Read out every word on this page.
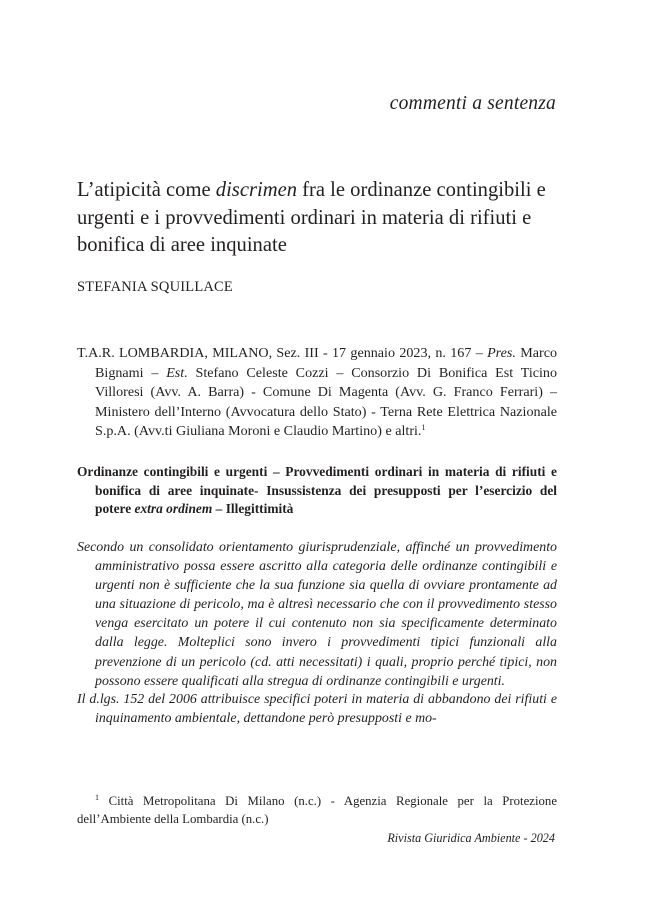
commenti a sentenza
L’atipicità come discrimen fra le ordinanze contingibili e urgenti e i provvedimenti ordinari in materia di rifiuti e bonifica di aree inquinate
STEFANIA SQUILLACE
T.A.R. LOMBARDIA, MILANO, Sez. III - 17 gennaio 2023, n. 167 – Pres. Marco Bignami – Est. Stefano Celeste Cozzi – Consorzio Di Bonifica Est Ticino Villoresi (Avv. A. Barra) - Comune Di Magenta (Avv. G. Franco Ferrari) – Ministero dell’Interno (Avvocatura dello Stato) - Terna Rete Elettrica Nazionale S.p.A. (Avv.ti Giuliana Moroni e Claudio Martino) e altri.$^1$
Ordinanze contingibili e urgenti – Provvedimenti ordinari in materia di rifiuti e bonifica di aree inquinate- Insussistenza dei presupposti per l’esercizio del potere extra ordinem – Illegittimità

Secondo un consolidato orientamento giurisprudenziale, affinché un provvedimento amministrativo possa essere ascritto alla categoria delle ordinanze contingibili e urgenti non è sufficiente che la sua funzione sia quella di ovviare prontamente ad una situazione di pericolo, ma è altresì necessario che con il provvedimento stesso venga esercitato un potere il cui contenuto non sia specificamente determinato dalla legge. Molteplici sono invero i provvedimenti tipici funzionali alla prevenzione di un pericolo (cd. atti necessitati) i quali, proprio perché tipici, non possono essere qualificati alla stregua di ordinanze contingibili e urgenti.

Il d.lgs. 152 del 2006 attribuisce specifici poteri in materia di abbandono dei rifiuti e inquinamento ambientale, dettandone però presupposti e mo-

$^1$ Città Metropolitana Di Milano (n.c.) - Agenzia Regionale per la Protezione dell’Ambiente della Lombardia (n.c.)
Rivista Giuridica Ambiente - 2024
